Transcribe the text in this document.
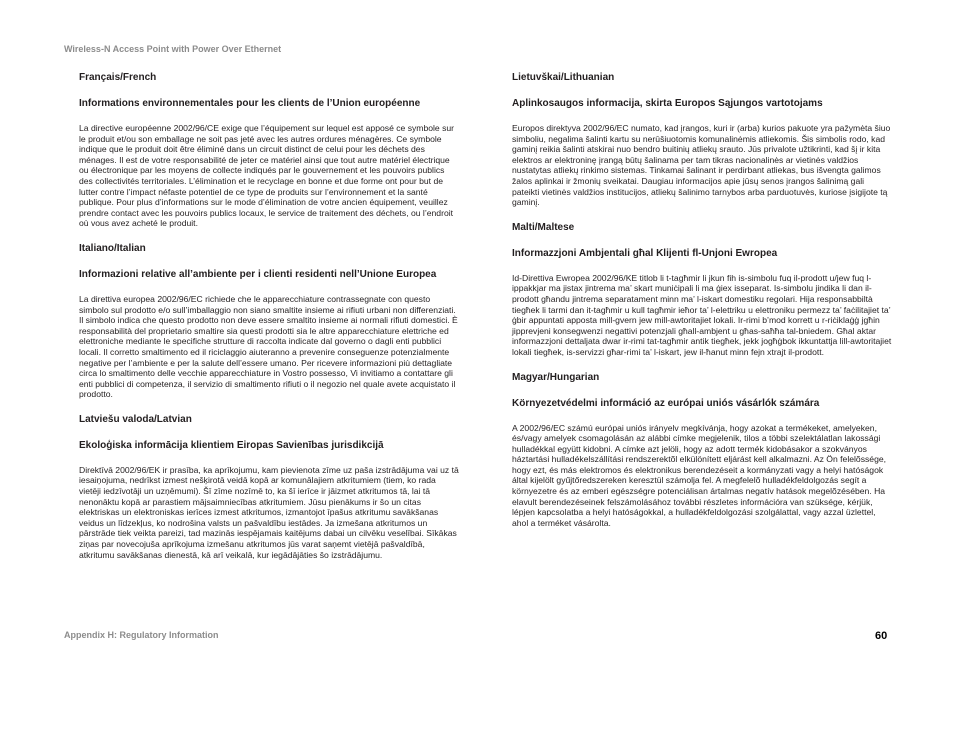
Wireless-N Access Point with Power Over Ethernet

Français/French

Informations environnementales pour les clients de l’Union européenne

La directive européenne 2002/96/CE exige que l’équipement sur lequel est apposé ce symbole sur le produit et/ou son emballage ne soit pas jeté avec les autres ordures ménagères. Ce symbole indique que le produit doit être éliminé dans un circuit distinct de celui pour les déchets des ménages. Il est de votre responsabilité de jeter ce matériel ainsi que tout autre matériel électrique ou électronique par les moyens de collecte indiqués par le gouvernement et les pouvoirs publics des collectivités territoriales. L’élimination et le recyclage en bonne et due forme ont pour but de lutter contre l’impact néfaste potentiel de ce type de produits sur l’environnement et la santé publique. Pour plus d’informations sur le mode d’élimination de votre ancien équipement, veuillez prendre contact avec les pouvoirs publics locaux, le service de traitement des déchets, ou l’endroit où vous avez acheté le produit.

Italiano/Italian

Informazioni relative all’ambiente per i clienti residenti nell’Unione Europea

La direttiva europea 2002/96/EC richiede che le apparecchiature contrassegnate con questo simbolo sul prodotto e/o sull’imballaggio non siano smaltite insieme ai rifiuti urbani non differenziati. Il simbolo indica che questo prodotto non deve essere smaltito insieme ai normali rifiuti domestici. È responsabilità del proprietario smaltire sia questi prodotti sia le altre apparecchiature elettriche ed elettroniche mediante le specifiche strutture di raccolta indicate dal governo o dagli enti pubblici locali. Il corretto smaltimento ed il riciclaggio aiuteranno a prevenire conseguenze potenzialmente negative per l’ambiente e per la salute dell’essere umano. Per ricevere informazioni più dettagliate circa lo smaltimento delle vecchie apparecchiature in Vostro possesso, Vi invitiamo a contattare gli enti pubblici di competenza, il servizio di smaltimento rifiuti o il negozio nel quale avete acquistato il prodotto.

Latviešu valoda/Latvian

Ekoloģiska informācija klientiem Eiropas Savienības jurisdikcijā

Direktīvā 2002/96/EK ir prasība, ka aprīkojumu, kam pievienota zīme uz paša izstrādājuma vai uz tā iesaiņojuma, nedrīkst izmest nešķirotā veidā kopā ar komunālajiem atkritumiem (tiem, ko rada vietēji iedzīvotāji un uzņēmumi). Šī zīme nozīmē to, ka šī ierīce ir jāizmet atkritumos tā, lai tā nenonāktu kopā ar parastiem mājsaimniecības atkritumiem. Jūsu pienākums ir šo un citas elektriskas un elektroniskas ierīces izmest atkritumos, izmantojot īpašus atkritumu savākšanas veidus un līdzekļus, ko nodrošina valsts un pašvaldību iestādes. Ja izmešana atkritumos un pārstrāde tiek veikta pareizi, tad mazinās iespējamais kaitējums dabai un cilvēku veselībai. Sīkākas ziņas par novecojuša aprīkojuma izmešanu atkritumos jūs varat saņemt vietējā pašvaldībā, atkritumu savākšanas dienestā, kā arī veikalā, kur iegādājāties šo izstrādājumu.

Lietuvškai/Lithuanian

Aplinkosaugos informacija, skirta Europos Sąjungos vartotojams

Europos direktyva 2002/96/EC numato, kad įrangos, kuri ir (arba) kurios pakuote yra pažymėta šiuo simboliu, negalima šalinti kartu su nerūšiuotomis komunalinėmis atliekomis. Šis simbolis rodo, kad gaminį reikia šalinti atskirai nuo bendro buitinių atliekų srauto. Jūs privalote užtikrinti, kad šį ir kita elektros ar elektroninę įrangą būtų šalinama per tam tikras nacionalinės ar vietinės valdžios nustatytas atliekų rinkimo sistemas. Tinkamai šalinant ir perdirbant atliekas, bus išvengta galimos žalos aplinkai ir žmonių sveikatai. Daugiau informacijos apie jūsų senos įrangos šalinimą gali pateikti vietinės valdžios institucijos, atliekų šalinimo tarnybos arba parduotuvės, kuriose įsigijote tą gaminį.

Malti/Maltese

Informazzjoni Ambjentali għal Klijenti fl-Unjoni Ewropea

Id-Direttiva Ewropea 2002/96/KE titlob li t-tagħmir li jkun fih is-simbolu fuq il-prodott u/jew fuq l-ippakkjar ma jistax jintrema ma’ skart muniċipali li ma ġiex isseparat. Is-simbolu jindika li dan il-prodott għandu jintrema separatament minn ma’ l-iskart domestiku regolari. Hija responsabbiltà tiegħek li tarmi dan it-tagħmir u kull tagħmir ieħor ta’ l-elettriku u elettroniku permezz ta’ faċilitajiet ta’ ġbir appuntati apposta mill-gvern jew mill-awtoritajiet lokali. Ir-rimi b’mod korrett u r-riċiklaġġ jgħin jipprevjeni konsegwenzi negattivi potenzjali għall-ambjent u għas-saħħa tal-bniedem. Għal aktar informazzjoni dettaljata dwar ir-rimi tat-tagħmir antik tiegħek, jekk jogħġbok ikkuntattja lill-awtoritajiet lokali tiegħek, is-servizzi għar-rimi ta’ l-iskart, jew il-ħanut minn fejn xtrajt il-prodott.

Magyar/Hungarian

Környezetvédelmi információ az európai uniós vásárlók számára

A 2002/96/EC számú európai uniós irányelv megkívánja, hogy azokat a termékeket, amelyeken, és/vagy amelyek csomagolásán az alábbi címke megjelenik, tilos a többi szelektálatlan lakossági hulladékkal együtt kidobni. A címke azt jelöli, hogy az adott termék kidobásakor a szokványos háztartási hulladékelszállítási rendszerektõl elkülönített eljárást kell alkalmazni. Az Ön felelõssége, hogy ezt, és más elektromos és elektronikus berendezéseit a kormányzati vagy a helyi hatóságok által kijelölt gyűjtőredszereken keresztül számolja fel. A megfelelõ hulladékfeldolgozás segít a környezetre és az emberi egészségre potenciálisan ártalmas negatív hatások megelõzésében. Ha elavult berendezéseinek felszámolásához további részletes információra van szüksége, kérjük, lépjen kapcsolatba a helyi hatóságokkal, a hulladékfeldolgozási szolgálattal, vagy azzal üzlettel, ahol a terméket vásárolta.

Appendix H: Regulatory Information	60
